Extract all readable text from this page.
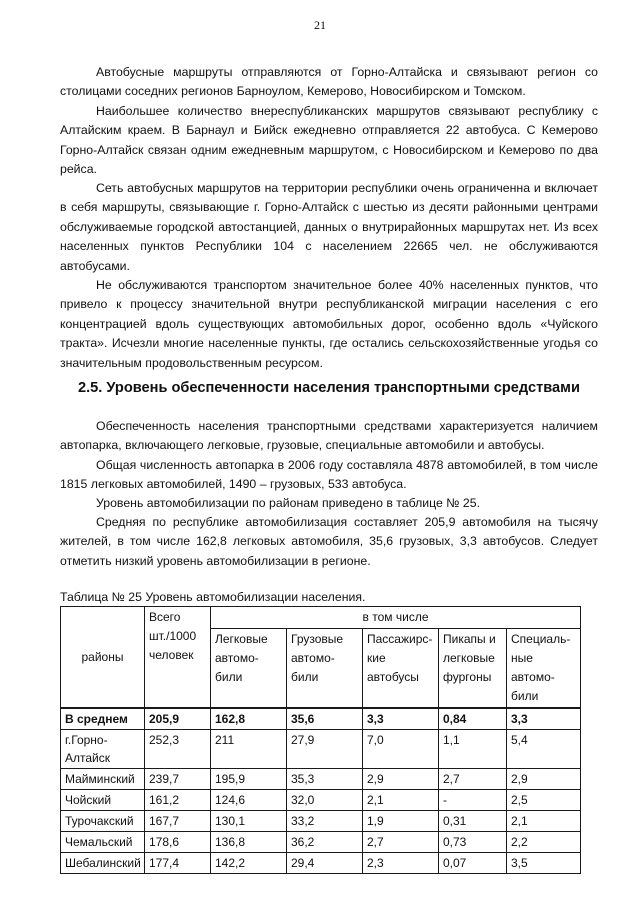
21

Автобусные маршруты отправляются от Горно-Алтайска и связывают регион со столицами соседних регионов Барноулом, Кемерово, Новосибирском и Томском.

Наибольшее количество внереспубликанских маршрутов связывают республику с Алтайским краем. В Барнаул и Бийск ежедневно отправляется 22 автобуса. С Кемерово Горно-Алтайск связан одним ежедневным маршрутом, с Новосибирском и Кемерово по два рейса.

Сеть автобусных маршрутов на территории республики очень ограниченна и включает в себя маршруты, связывающие г. Горно-Алтайск с шестью из десяти районными центрами обслуживаемые городской автостанцией, данных о внутрирайонных маршрутах нет. Из всех населенных пунктов Республики 104 с населением 22665 чел. не обслуживаются автобусами.

Не обслуживаются транспортом значительное более 40% населенных пунктов, что привело к процессу значительной внутри республиканской миграции населения с его концентрацией вдоль существующих автомобильных дорог, особенно вдоль «Чуйского тракта». Исчезли многие населенные пункты, где остались сельскохозяйственные угодья со значительным продовольственным ресурсом.

2.5. Уровень обеспеченности населения транспортными средствами

Обеспеченность населения транспортными средствами характеризуется наличием автопарка, включающего легковые, грузовые, специальные автомобили и автобусы.

Общая численность автопарка в 2006 году составляла 4878 автомобилей, в том числе 1815 легковых автомобилей, 1490 – грузовых, 533 автобуса.

Уровень автомобилизации по районам приведено в таблице № 25.

Средняя по республике автомобилизация составляет 205,9 автомобиля на тысячу жителей, в том числе 162,8 легковых автомобиля, 35,6 грузовых, 3,3 автобусов. Следует отметить низкий уровень автомобилизации в регионе.

Таблица № 25 Уровень автомобилизации населения.

районы	Всего шт./1000 человек	в том числе				
		Легковые автомо-били	Грузовые автомо-били	Пассажирс-кие автобусы	Пикапы и легковые фургоны	Специаль-ные автомо-били
В среднем	205,9	162,8	35,6	3,3	0,84	3,3
г.Горно-Алтайск	252,3	211	27,9	7,0	1,1	5,4
Майминский	239,7	195,9	35,3	2,9	2,7	2,9
Чойский	161,2	124,6	32,0	2,1	-	2,5
Турочакский	167,7	130,1	33,2	1,9	0,31	2,1
Чемальский	178,6	136,8	36,2	2,7	0,73	2,2
Шебалинский	177,4	142,2	29,4	2,3	0,07	3,5
